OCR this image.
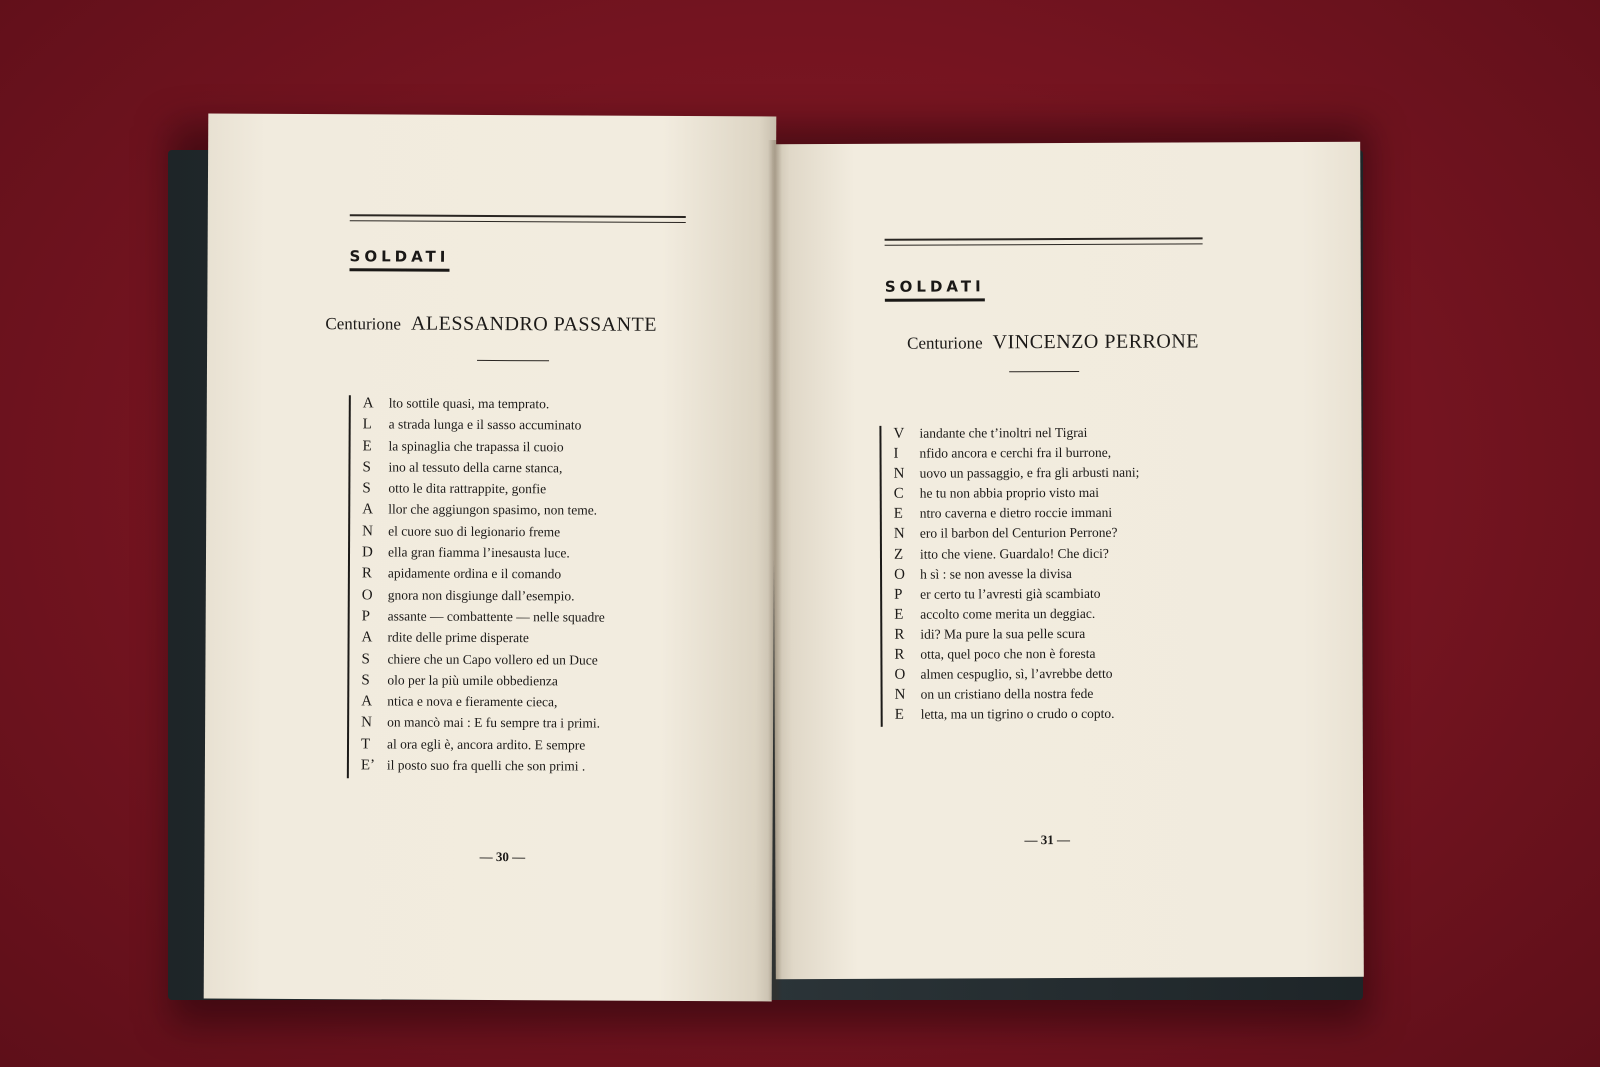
SOLDATI
Centurione ALESSANDRO PASSANTE
A	lto sottile quasi, ma temprato.
L	a strada lunga e il sasso accuminato
E	la spinaglia che trapassa il cuoio
S	ino al tessuto della carne stanca,
S	otto le dita rattrappite, gonfie
A	llor che aggiungon spasimo, non teme.
N	el cuore suo di legionario freme
D	ella gran fiamma l’inesausta luce.
R	apidamente ordina e il comando
O	gnora non disgiunge dall’esempio.
P	assante — combattente — nelle squadre
A	rdite delle prime disperate
S	chiere che un Capo vollero ed un Duce
S	olo per la più umile obbedienza
A	ntica e nova e fieramente cieca,
N	on mancò mai : E fu sempre tra i primi.
T	al ora egli è, ancora ardito. E sempre
E’ il posto suo fra quelli che son primi .
— 30 —
SOLDATI
Centurione VINCENZO PERRONE
V	iandante che t’inoltri nel Tigrai
I	nfido ancora e cerchi fra il burrone,
N	uovo un passaggio, e fra gli arbusti nani;
C	he tu non abbia proprio visto mai
E	ntro caverna e dietro roccie immani
N	ero il barbon del Centurion Perrone?
Z	itto che viene. Guardalo! Che dici?
O	h sì : se non avesse la divisa
P	er certo tu l’avresti già scambiato
E	accolto come merita un deggiac.
R	idi? Ma pure la sua pelle scura
R	otta, quel poco che non è foresta
O	almen cespuglio, sì, l’avrebbe detto
N	on un cristiano della nostra fede
E	letta, ma un tigrino o crudo o copto.
— 31 —
